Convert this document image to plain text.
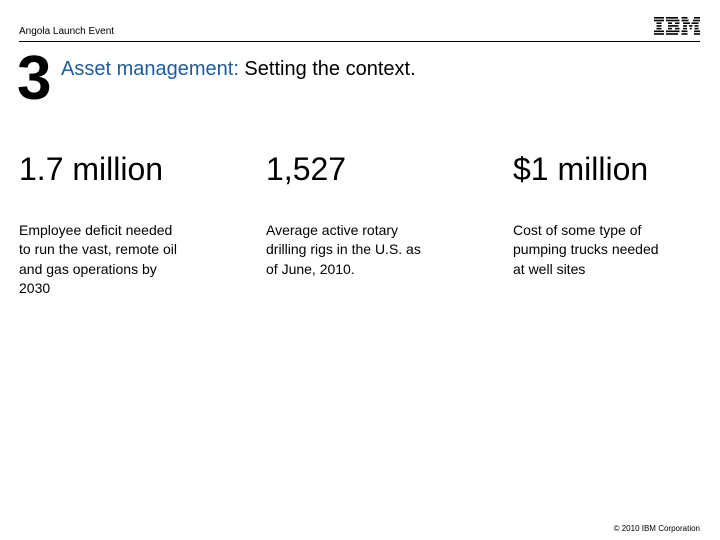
Angola Launch Event
3 Asset management: Setting the context.
1.7 million	1,527	$1 million
Employee deficit needed to run the vast, remote oil and gas operations by 2030
Average active rotary drilling rigs in the U.S. as of June, 2010.
Cost of some type of pumping trucks needed at well sites
© 2010 IBM Corporation
